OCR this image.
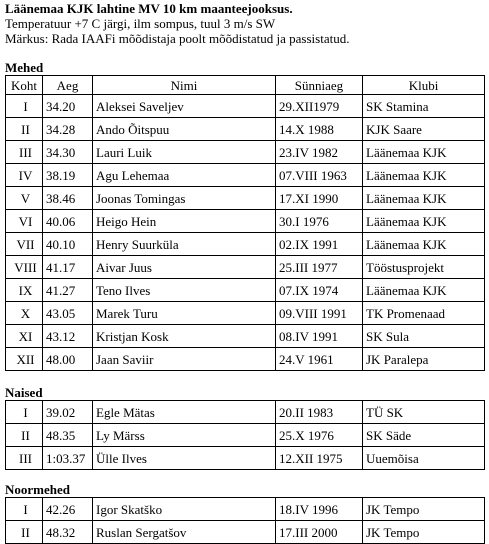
Läänemaa KJK lahtine MV 10 km maanteejooksus.
Temperatuur +7 C järgi, ilm sompus, tuul 3 m/s SW
Märkus: Rada IAAFi mõõdistaja poolt mõõdistatud ja passistatud.
Mehed
Koht	Aeg	Nimi	Sünniaeg	Klubi
I	34.20	Aleksei Saveljev	29.XII1979	SK Stamina
II	34.28	Ando Õitspuu	14.X 1988	KJK Saare
III	34.30	Lauri Luik	23.IV 1982	Läänemaa KJK
IV	38.19	Agu Lehemaa	07.VIII 1963	Läänemaa KJK
V	38.46	Joonas Tomingas	17.XI 1990	Läänemaa KJK
VI	40.06	Heigo Hein	30.I 1976	Läänemaa KJK
VII	40.10	Henry Suurküla	02.IX 1991	Läänemaa KJK
VIII	41.17	Aivar Juus	25.III 1977	Tööstusprojekt
IX	41.27	Teno Ilves	07.IX 1974	Läänemaa KJK
X	43.05	Marek Turu	09.VIII 1991	TK Promenaad
XI	43.12	Kristjan Kosk	08.IV 1991	SK Sula
XII	48.00	Jaan Saviir	24.V 1961	JK Paralepa
Naised
I	39.02	Egle Mätas	20.II 1983	TÜ SK
II	48.35	Ly Märss	25.X 1976	SK Säde
III	1:03.37	Ülle Ilves	12.XII 1975	Uuemõisa
Noormehed
I	42.26	Igor Skatško	18.IV 1996	JK Tempo
II	48.32	Ruslan Sergatšov	17.III 2000	JK Tempo
